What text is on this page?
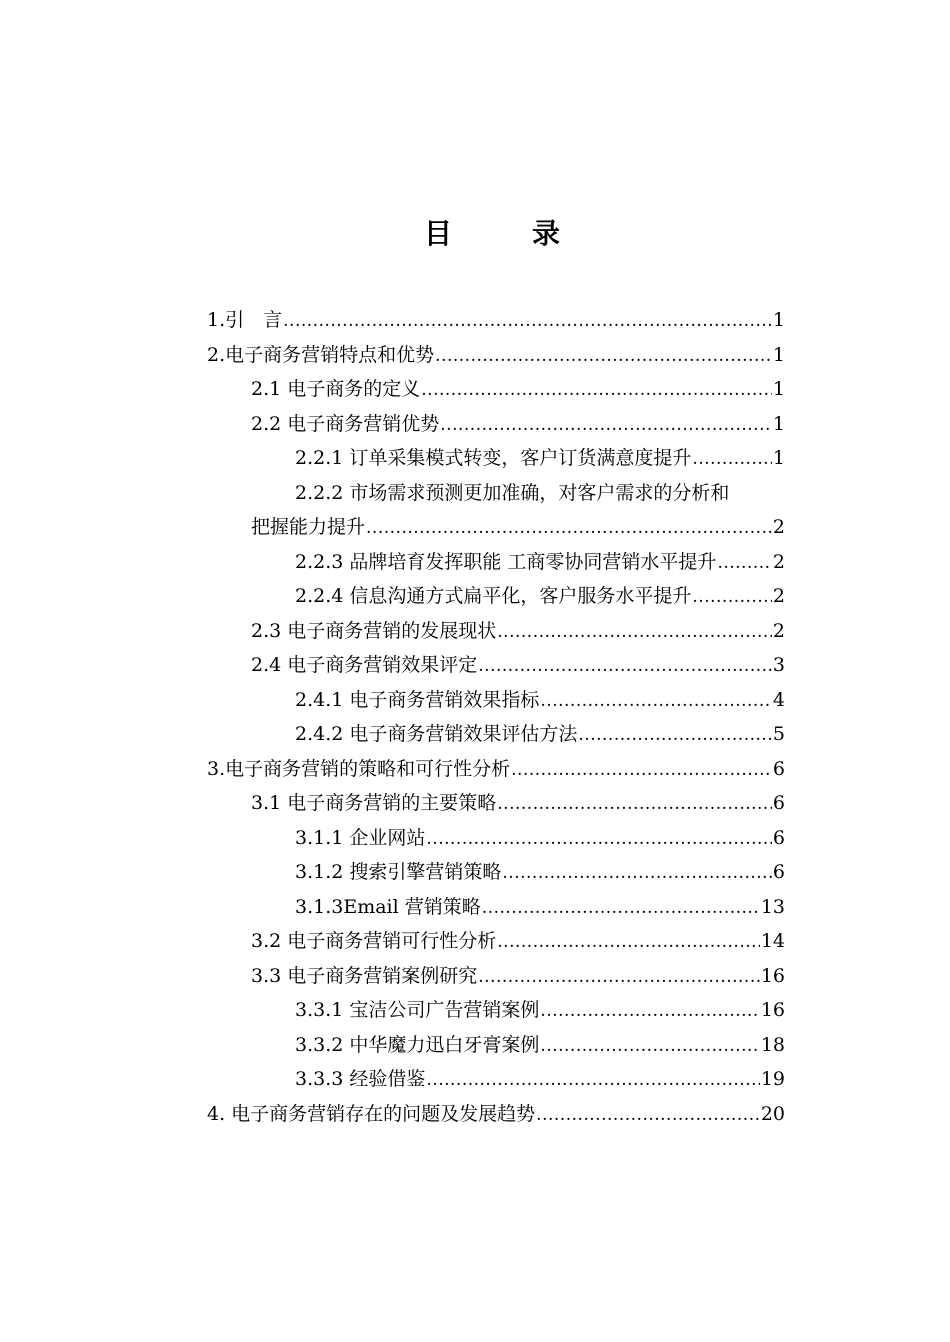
目　录
1.引　言 .....	1
2.电子商务营销特点和优势 .....	1
2.1 电子商务的定义 .....	1
2.2 电子商务营销优势 .....	1
2.2.1 订单采集模式转变，客户订货满意度提升 .....	1
2.2.2 市场需求预测更加准确，对客户需求的分析和
把握能力提升 .....	2
2.2.3 品牌培育发挥职能 工商零协同营销水平提升 .....	2
2.2.4 信息沟通方式扁平化，客户服务水平提升 .....	2
2.3 电子商务营销的发展现状 .....	2
2.4 电子商务营销效果评定 .....	3
2.4.1 电子商务营销效果指标 .....	4
2.4.2 电子商务营销效果评估方法 .....	5
3.电子商务营销的策略和可行性分析 .....	6
3.1 电子商务营销的主要策略 .....	6
3.1.1 企业网站 .....	6
3.1.2 搜索引擎营销策略 .....	6
3.1.3Email 营销策略 .....	13
3.2 电子商务营销可行性分析 .....	14
3.3 电子商务营销案例研究 .....	16
3.3.1 宝洁公司广告营销案例 .....	16
3.3.2 中华魔力迅白牙膏案例 .....	18
3.3.3 经验借鉴 .....	19
4. 电子商务营销存在的问题及发展趋势 .....	20
